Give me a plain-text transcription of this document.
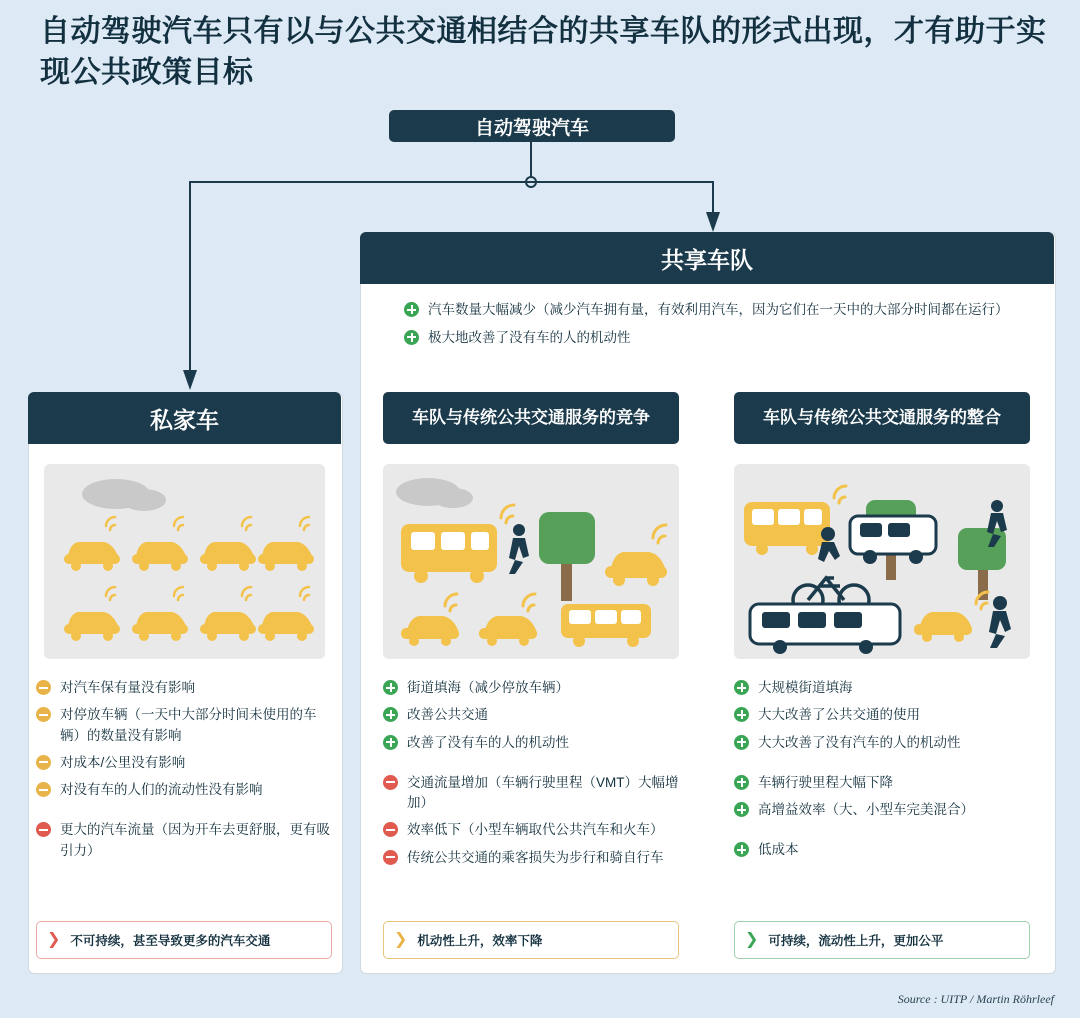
自动驾驶汽车只有以与公共交通相结合的共享车队的形式出现，才有助于实现公共政策目标
自动驾驶汽车
共享车队
汽车数量大幅减少（减少汽车拥有量，有效利用汽车，因为它们在一天中的大部分时间都在运行）
极大地改善了没有车的人的机动性
私家车
对汽车保有量没有影响
对停放车辆（一天中大部分时间未使用的车辆）的数量没有影响
对成本/公里没有影响
对没有车的人们的流动性没有影响
更大的汽车流量（因为开车去更舒服，更有吸引力）
❯ 不可持续，甚至导致更多的汽车交通
车队与传统公共交通服务的竞争
街道填海（减少停放车辆）
改善公共交通
改善了没有车的人的机动性
交通流量增加（车辆行驶里程（VMT）大幅增加）
效率低下（小型车辆取代公共汽车和火车）
传统公共交通的乘客损失为步行和骑自行车
❯ 机动性上升，效率下降
车队与传统公共交通服务的整合
大规模街道填海
大大改善了公共交通的使用
大大改善了没有汽车的人的机动性
车辆行驶里程大幅下降
高增益效率（大、小型车完美混合）
低成本
❯ 可持续，流动性上升，更加公平
Source : UITP / Martin Röhrleef
